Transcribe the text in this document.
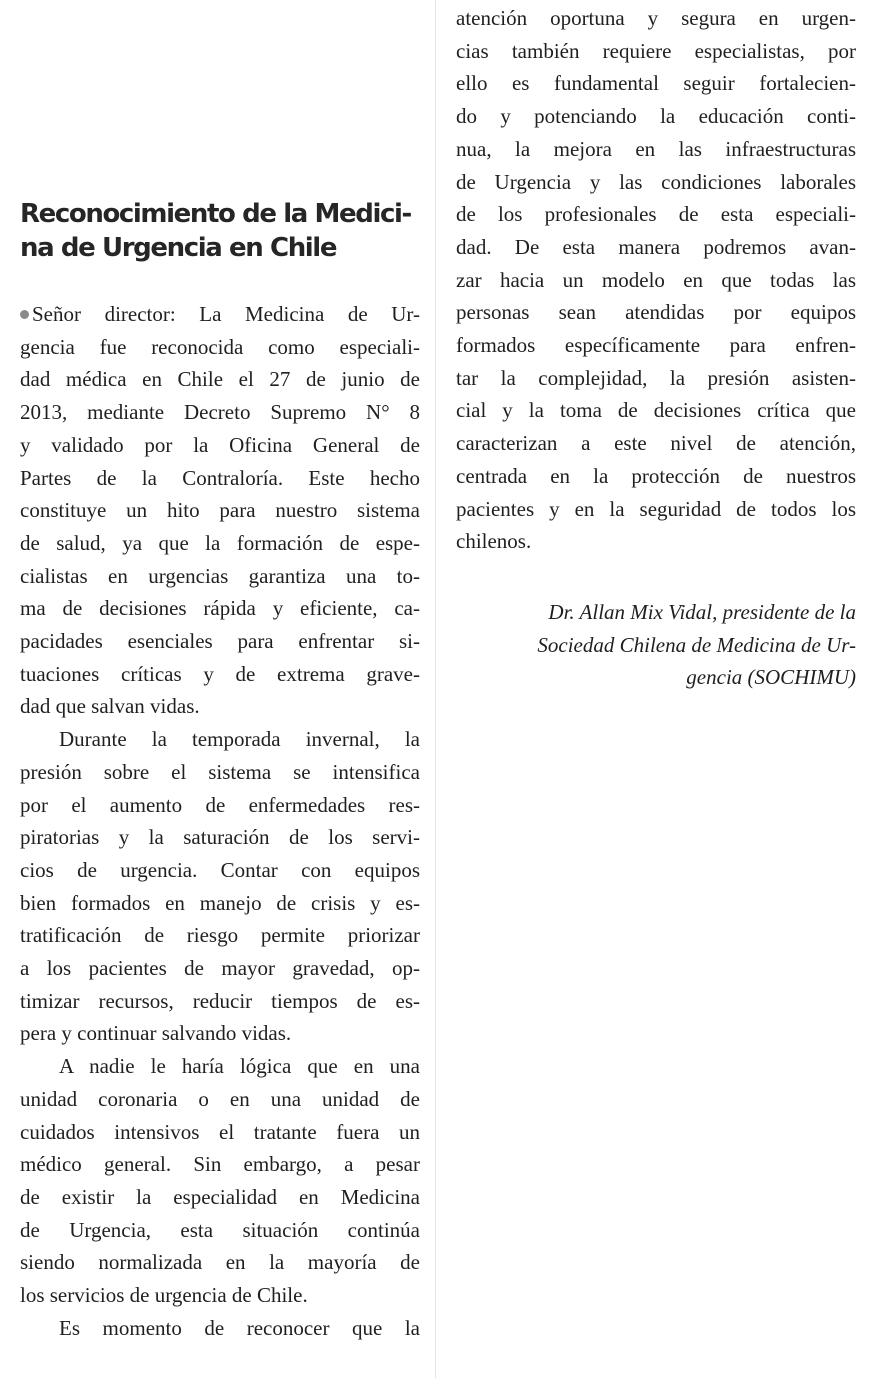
Reconocimiento de la Medici-
na de Urgencia en Chile
Señor director: La Medicina de Ur-
gencia fue reconocida como especiali-
dad médica en Chile el 27 de junio de
2013, mediante Decreto Supremo N° 8
y validado por la Oficina General de
Partes de la Contraloría. Este hecho
constituye un hito para nuestro sistema
de salud, ya que la formación de espe-
cialistas en urgencias garantiza una to-
ma de decisiones rápida y eficiente, ca-
pacidades esenciales para enfrentar si-
tuaciones críticas y de extrema grave-
dad que salvan vidas.
Durante la temporada invernal, la
presión sobre el sistema se intensifica
por el aumento de enfermedades res-
piratorias y la saturación de los servi-
cios de urgencia. Contar con equipos
bien formados en manejo de crisis y es-
tratificación de riesgo permite priorizar
a los pacientes de mayor gravedad, op-
timizar recursos, reducir tiempos de es-
pera y continuar salvando vidas.
A nadie le haría lógica que en una
unidad coronaria o en una unidad de
cuidados intensivos el tratante fuera un
médico general. Sin embargo, a pesar
de existir la especialidad en Medicina
de Urgencia, esta situación continúa
siendo normalizada en la mayoría de
los servicios de urgencia de Chile.
Es momento de reconocer que la
atención oportuna y segura en urgen-
cias también requiere especialistas, por
ello es fundamental seguir fortalecien-
do y potenciando la educación conti-
nua, la mejora en las infraestructuras
de Urgencia y las condiciones laborales
de los profesionales de esta especiali-
dad. De esta manera podremos avan-
zar hacia un modelo en que todas las
personas sean atendidas por equipos
formados específicamente para enfren-
tar la complejidad, la presión asisten-
cial y la toma de decisiones crítica que
caracterizan a este nivel de atención,
centrada en la protección de nuestros
pacientes y en la seguridad de todos los
chilenos.
Dr. Allan Mix Vidal, presidente de la
Sociedad Chilena de Medicina de Ur-
gencia (SOCHIMU)
